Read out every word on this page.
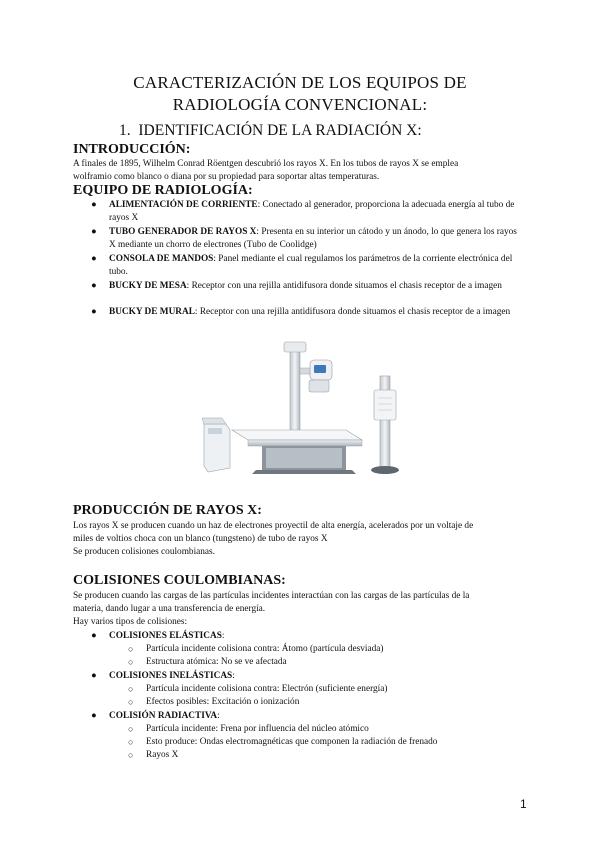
CARACTERIZACIÓN DE LOS EQUIPOS DE
RADIOLOGÍA CONVENCIONAL:
1. IDENTIFICACIÓN DE LA RADIACIÓN X:
INTRODUCCIÓN:
A finales de 1895, Wilhelm Conrad Röentgen descubrió los rayos X. En los tubos de rayos X se emplea
wolframio como blanco o diana por su propiedad para soportar altas temperaturas.
EQUIPO DE RADIOLOGÍA:
● ALIMENTACIÓN DE CORRIENTE: Conectado al generador, proporciona la adecuada energía al tubo de rayos X
● TUBO GENERADOR DE RAYOS X: Presenta en su interior un cátodo y un ánodo, lo que genera los rayos X mediante un chorro de electrones (Tubo de Coolidge)
● CONSOLA DE MANDOS: Panel mediante el cual regulamos los parámetros de la corriente electrónica del tubo.
● BUCKY DE MESA: Receptor con una rejilla antidifusora donde situamos el chasis receptor de a imagen
● BUCKY DE MURAL: Receptor con una rejilla antidifusora donde situamos el chasis receptor de a imagen
PRODUCCIÓN DE RAYOS X:
Los rayos X se producen cuando un haz de electrones proyectil de alta energía, acelerados por un voltaje de
miles de voltios choca con un blanco (tungsteno) de tubo de rayos X
Se producen colisiones coulombianas.
COLISIONES COULOMBIANAS:
Se producen cuando las cargas de las partículas incidentes interactúan con las cargas de las partículas de la
materia, dando lugar a una transferencia de energía.
Hay varios tipos de colisiones:
● COLISIONES ELÁSTICAS:
○ Partícula incidente colisiona contra: Átomo (partícula desviada)
○ Estructura atómica: No se ve afectada
● COLISIONES INELÁSTICAS:
○ Partícula incidente colisiona contra: Electrón (suficiente energía)
○ Efectos posibles: Excitación o ionización
● COLISIÓN RADIACTIVA:
○ Partícula incidente: Frena por influencia del núcleo atómico
○ Esto produce: Ondas electromagnéticas que componen la radiación de frenado
○ Rayos X
1
